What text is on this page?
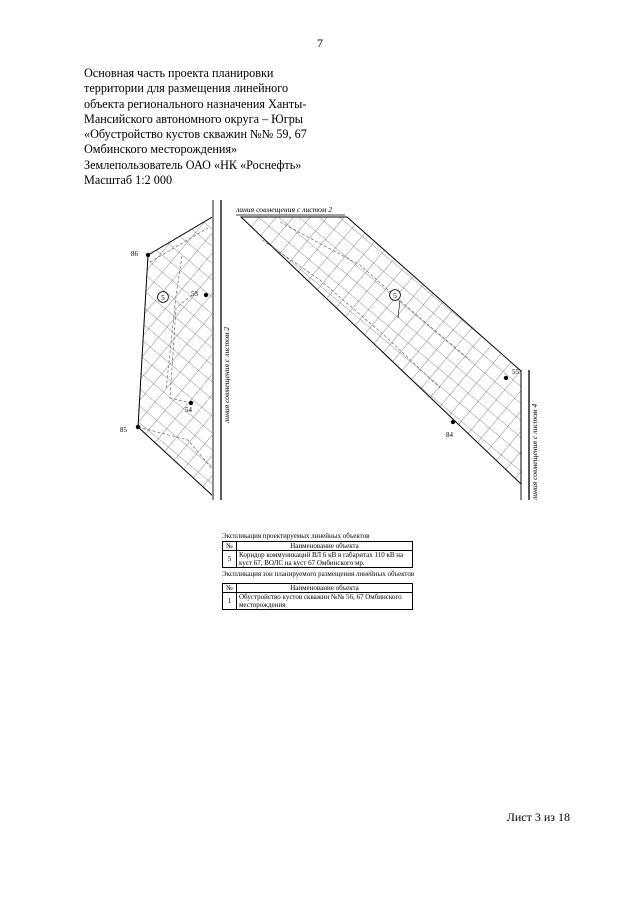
7
Основная часть проекта планировки
территории для размещения линейного
объекта регионального назначения Ханты-
Мансийского автономного округа – Югры
«Обустройство кустов скважин №№ 59, 67
Омбинского месторождения»
Землепользователь ОАО «НК «Роснефть»
Масштаб 1:2 000
линия совмещения с листом 2
линия совмещения с листом 2
линия совмещения с листом 4
86
53
54
85
55
84
5	5
Экспликация проектируемых линейных объектов
№	Наименование объекта
5	Коридор коммуникаций ВЛ 6 кВ в габаритах 110 кВ на куст 67, ВОЛС на куст 67 Омбинского мр.
Экспликация зон планируемого размещения линейных объектов
№	Наименование объекта
1	Обустройство кустов скважин №№ 56, 67 Омбинского месторождения
Лист 3 из 18
